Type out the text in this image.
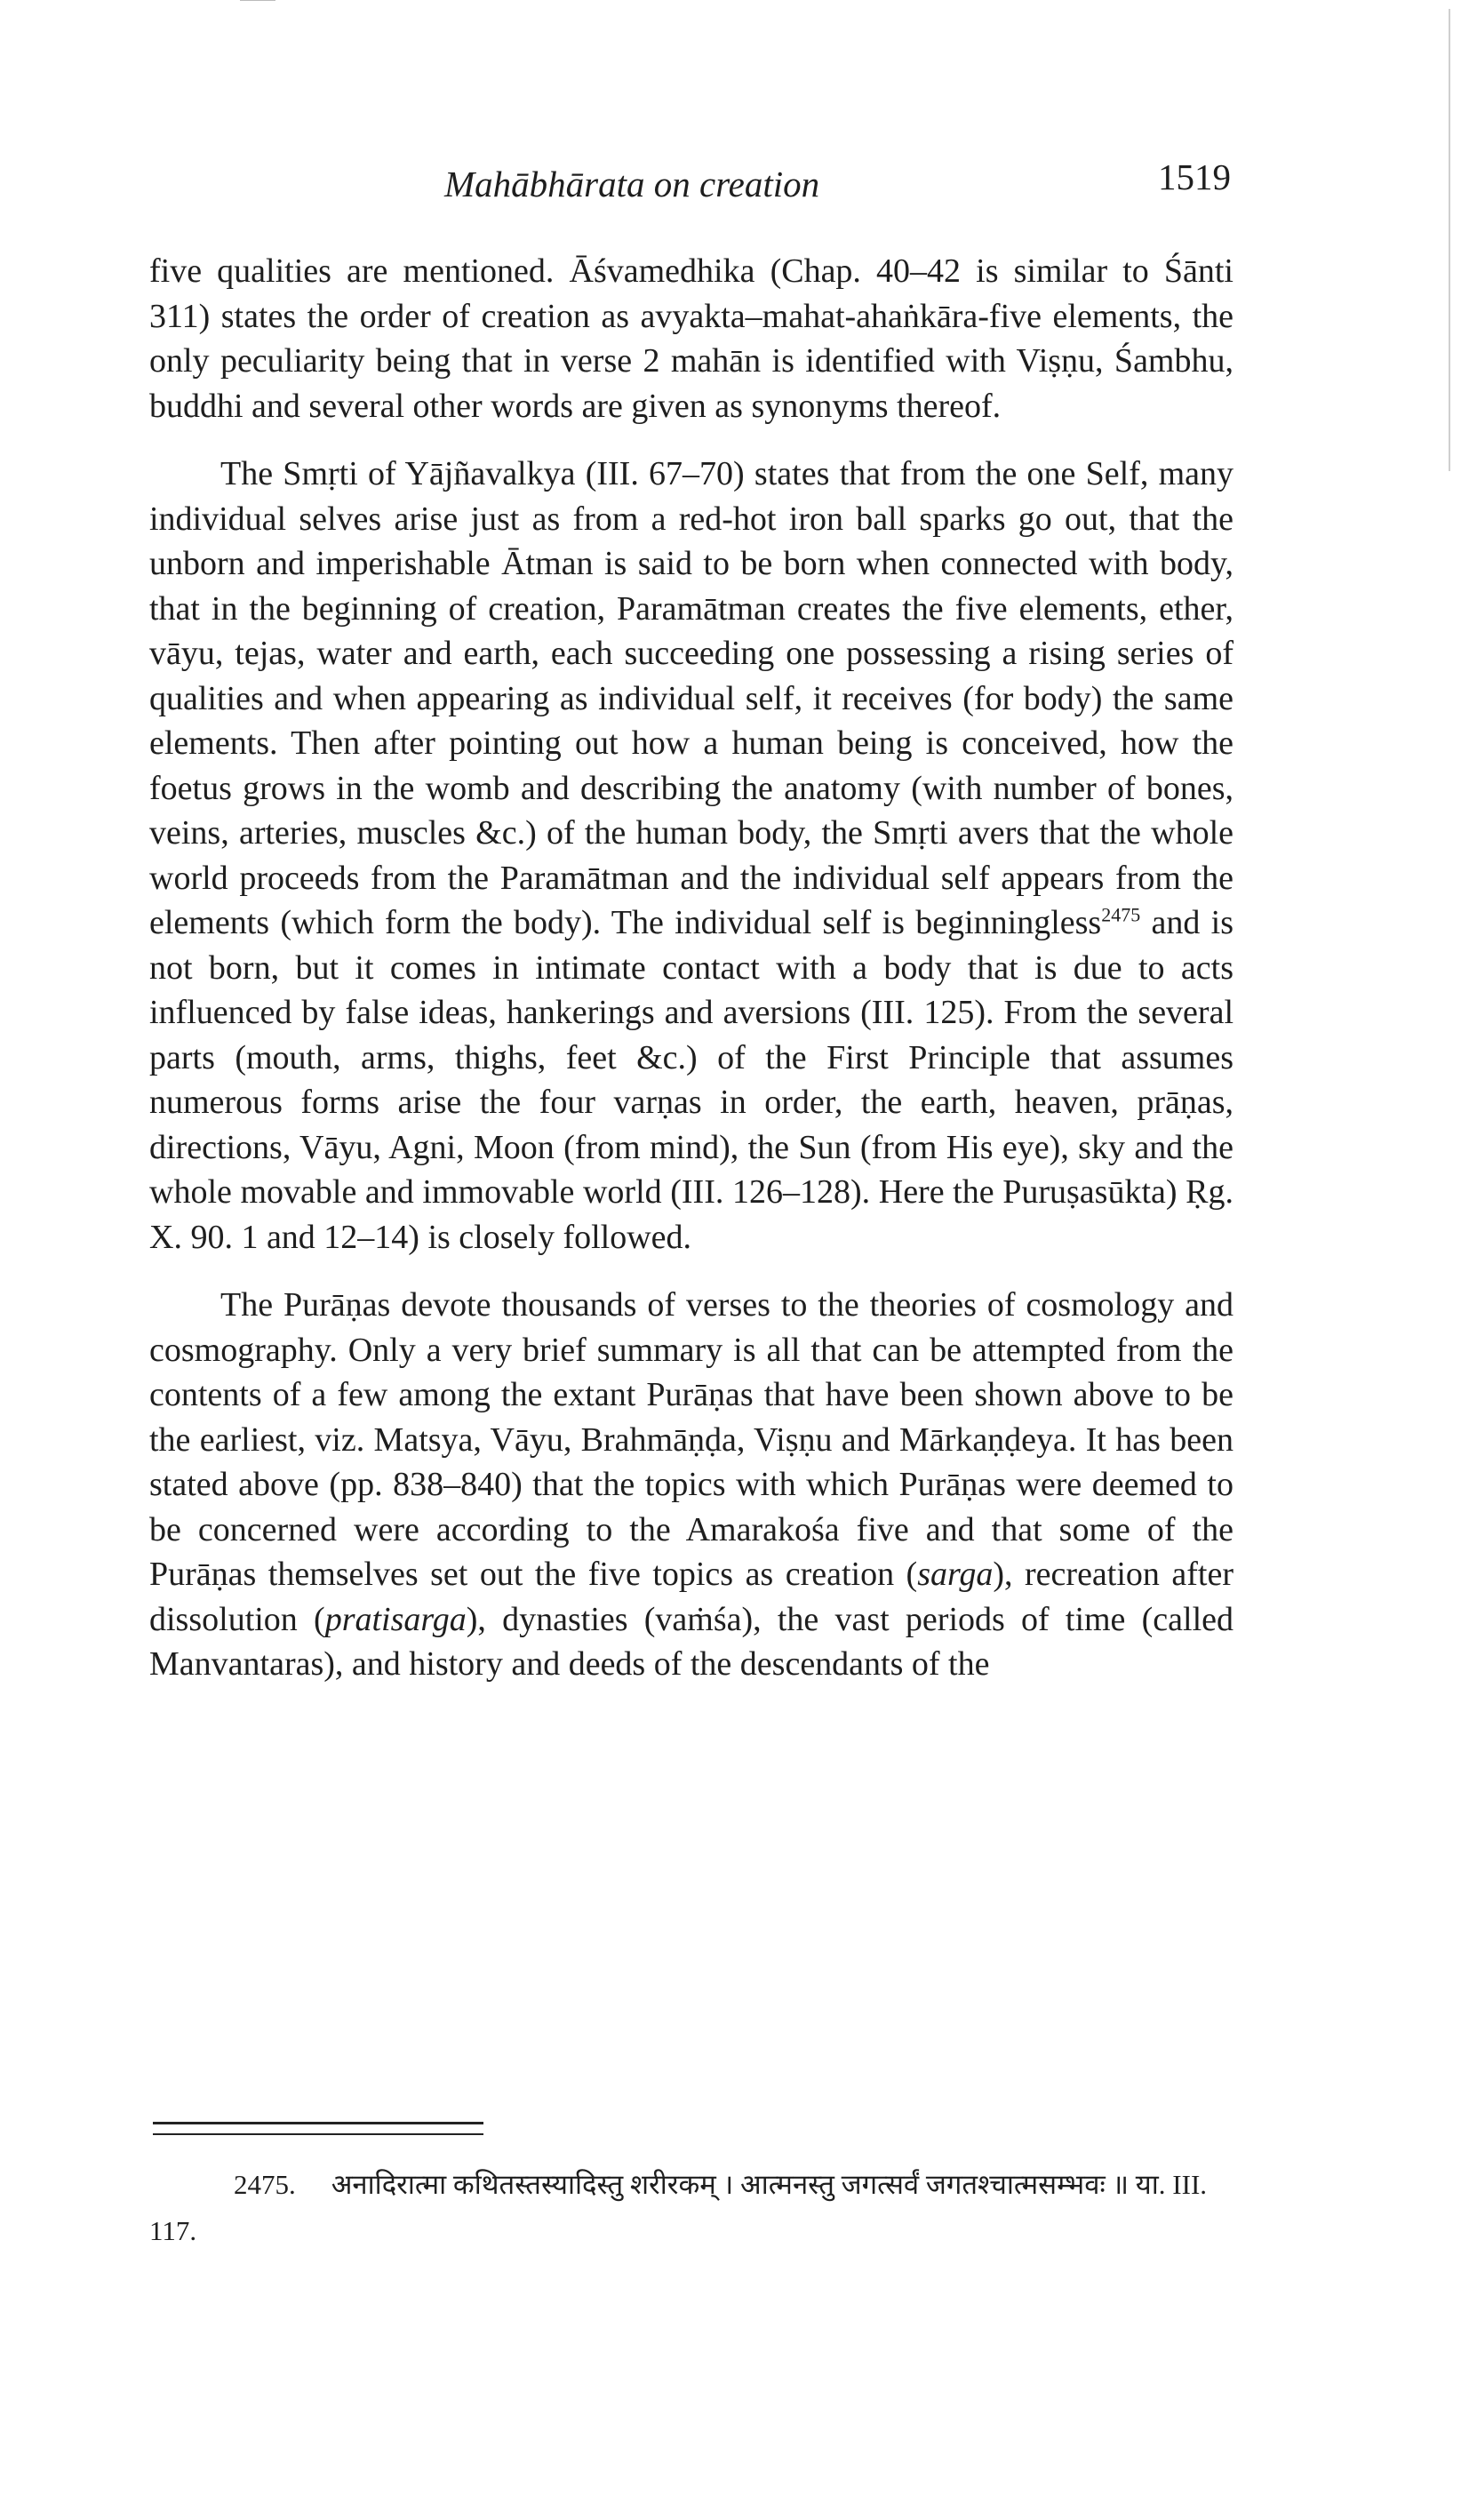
Mahābhārata on creation	1519

five qualities are mentioned. Āśvamedhika (Chap. 40–42 is similar to Śānti 311) states the order of creation as avyakta–mahat-ahaṅkāra-five elements, the only peculiarity being that in verse 2 mahān is identified with Viṣṇu, Śambhu, buddhi and several other words are given as synonyms thereof.

The Smṛti of Yājñavalkya (III. 67–70) states that from the one Self, many individual selves arise just as from a red-hot iron ball sparks go out, that the unborn and imperishable Ātman is said to be born when connected with body, that in the beginning of creation, Paramātman creates the five elements, ether, vāyu, tejas, water and earth, each succeeding one possessing a rising series of qualities and when appearing as individual self, it receives (for body) the same elements. Then after pointing out how a human being is conceived, how the foetus grows in the womb and describing the anatomy (with number of bones, veins, arteries, muscles &c.) of the human body, the Smṛti avers that the whole world proceeds from the Paramātman and the individual self appears from the elements (which form the body). The individual self is beginningless$^{2475}$ and is not born, but it comes in intimate contact with a body that is due to acts influenced by false ideas, hankerings and aversions (III. 125). From the several parts (mouth, arms, thighs, feet &c.) of the First Principle that assumes numerous forms arise the four varṇas in order, the earth, heaven, prāṇas, directions, Vāyu, Agni, Moon (from mind), the Sun (from His eye), sky and the whole movable and immovable world (III. 126–128). Here the Puruṣasūkta) Ṛg. X. 90. 1 and 12–14) is closely followed.

The Purāṇas devote thousands of verses to the theories of cosmology and cosmography. Only a very brief summary is all that can be attempted from the contents of a few among the extant Purāṇas that have been shown above to be the earliest, viz. Matsya, Vāyu, Brahmāṇḍa, Viṣṇu and Mārkaṇḍeya. It has been stated above (pp. 838–840) that the topics with which Purāṇas were deemed to be concerned were according to the Amarakośa five and that some of the Purāṇas themselves set out the five topics as creation (sarga), recreation after dissolution (pratisarga), dynasties (vaṁśa), the vast periods of time (called Manvantaras), and history and deeds of the descendants of the

2475. अनादिरात्मा कथितस्तस्यादिस्तु शरीरकम् । आत्मनस्तु जगत्सर्वं जगतश्चात्मसम्भवः ॥ या. III. 117.
